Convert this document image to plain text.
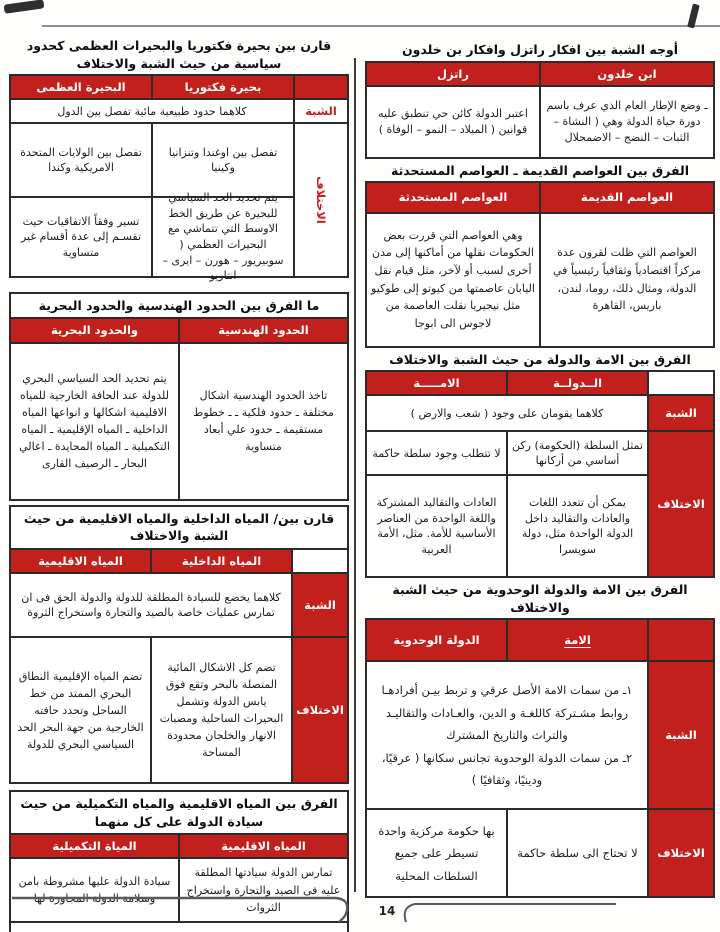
أوجه الشبة بين افكار راتزل وافكار بن خلدون
ابن خلدون
راتزل
ـ وضع الإطار العام الذي عرف باسم دورة حياة الدولة وهي ( النشاة – الثبات – النضج – الاضمحلال
اعتبر الدولة كائن حي تنطبق عليه قوانين ( الميلاد – النمو – الوفاة )
الفرق بين العواصم القديمة ـ العواصم المستحدثة
العواصم القديمة
العواصم المستحدثة
العواصم التي ظلت لقرون عدة مركزاً اقتصادياً وثقافياً رئيسياً في الدولة، ومثال ذلك، روما، لندن، باريس، القاهرة
وهي العواصم التي قررت بعض الحكومات نقلها من أماكنها إلى مدن أخرى لسبب أو لآخر، مثل قيام نقل اليابان عاصمتها من كيوتو إلى طوكيو مثل نيجيريا نقلت العاصمة من لاجوس الى ابوجا
الفرق بين الامة والدولة من حيث الشبة والاختلاف
الــدولــة
الامـــــة
الشبة
كلاهما يقومان على وجود ( شعب والارض )
الاختلاف
تمثل السلطة (الحكومة) ركن أساسي من أركانها
لا تتطلب وجود سلطة حاكمة
يمكن أن تتعدد اللغات والعادات والتقاليد داخل الدولة الواحدة مثل، دولة سويسرا
العادات والتقاليد المشتركة واللغة الواحدة من العناصر الأساسية للأمة. مثل، الأمة العربية
الفرق بين الامة والدولة الوحدوية من حيث الشبة والاختلاف
الامة
الدولة الوحدوية
الشبة
١ـ من سمات الامة الأصل عرقي و تربط بيـن أفرادهـا روابط مشـتركة كاللغـة و الدين، والعـادات والتقاليـد والتراث والتاريخ المشترك
٢ـ من سمات الدولة الوحدوية تجانس سكانها ( عرقيًا، ودينيًا، وثقافيًا )
الاختلاف
لا تحتاج الى سلطة حاكمة
بها حكومة مركزية واحدة تسيطر على جميع السلطات المحلية
قارن بين بحيرة فكتوريا والبحيرات العظمى كحدود سياسية من حيث الشبة والاختلاف
بحيرة فكتوريا
البحيرة العظمى
الشبة
كلاهما حدود طبيعية مائية تفصل بين الدول
الاختلاف
تفصل بين اوغندا وتنزانيا وكينيا
تفصل بين الولايات المتحدة الامريكية وكندا
يتم تحديد الحد السياسي للبحيرة عن طريق الخط الاوسط التي تتماشي مع البحيرات العظمي ( سوبيريور – هورن – ايرى – انتاريو
تسير وفقاً الاتفاقيات حيث تقسـم إلى عدة أقسام غير متساوية
ما الفرق بين الحدود الهندسية والحدود البحرية
الحدود الهندسية
والحدود البحرية
تاخذ الحدود الهندسية اشكال مختلفة ـ حدود فلكية ـ ـ خطوط مستقيمة ـ حدود علي أبعاد متساوية
يتم تحديد الحد السياسي البحري للدولة عند الحافة الخارجية للمياه الاقليمية اشكالها و انواعها المياه الداخلية ـ المياه الإقليمية ـ المياه التكميلية ـ المياه المحايدة ـ اعالي البحار ـ الرصيف القارى
قارن بين/ المياه الداخلية والمياه الاقليمية من حيث الشبة والاختلاف
المياه الداخلية
المياه الاقليمية
الشبة
كلاهما يخضع للسيادة المطلقة للدولة والدولة الحق فى ان تمارس عمليات خاصة بالصيد والتجارة واستخراج الثروة
الاختلاف
تضم كل الاشكال المائية المتصلة بالبحر وتقع فوق يابس الدولة وتشمل البحيرات الساحلية ومصبات الانهار والخلجان محدودة المساحة
تضم المياه الإقليمية النطاق البحري الممتد من خط الساحل وتحدد حافته الخارجية من جهة البحر الحد السياسي البحري للدولة
الفرق بين المياه الاقليمية والمياه التكميلية من حيث سيادة الدولة على كل منهما
المياه الاقليمية
المياة التكميلية
تمارس الدولة سيادتها المطلقة عليه فى الصيد والتجارة واستخراج الثروات
سيادة الدولة عليها مشروطة بامن وسلامة الدولة المجاورة لها
14
